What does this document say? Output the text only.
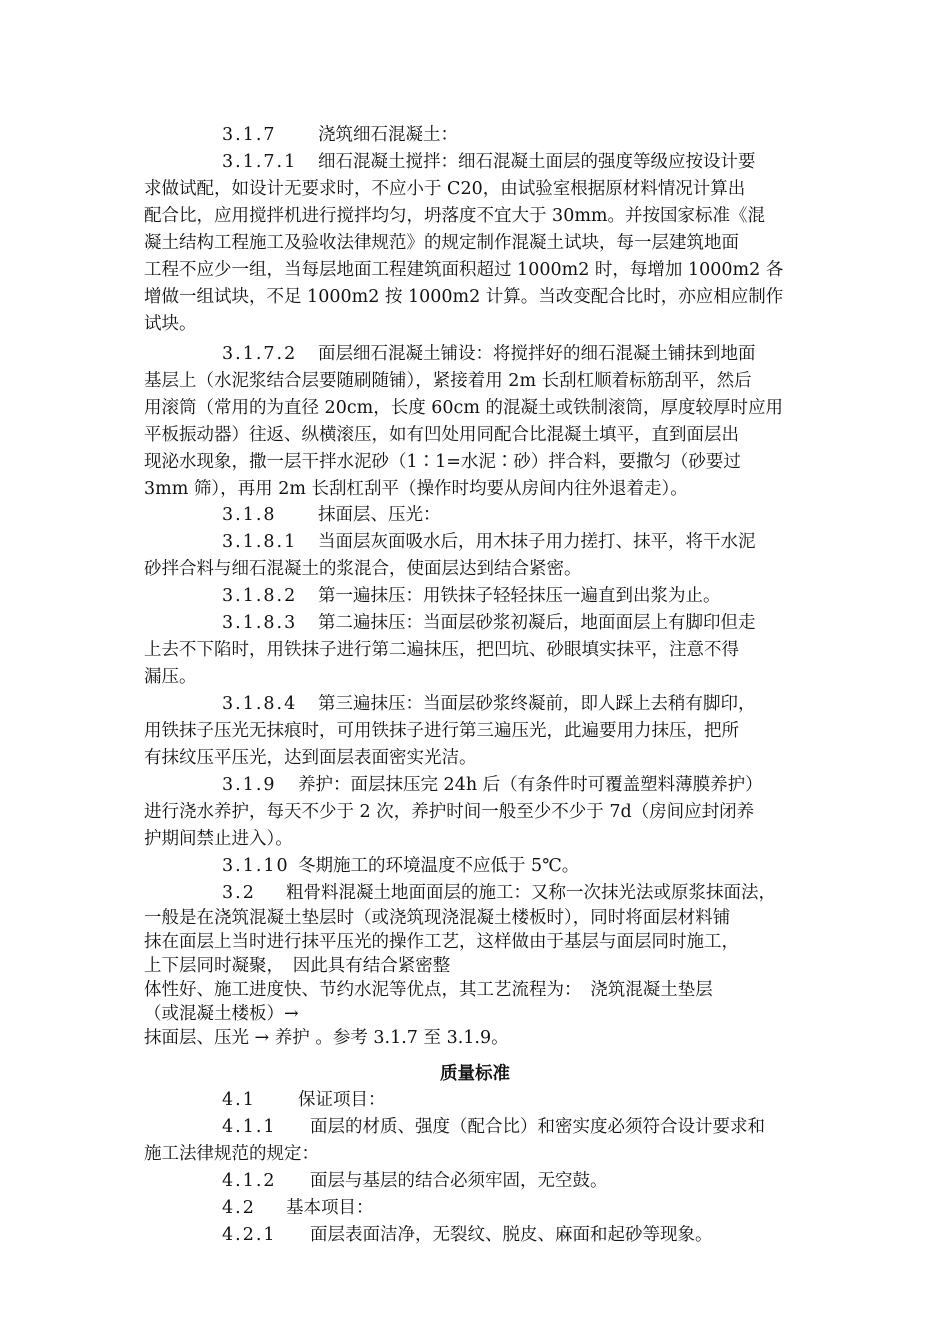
3.1.7 浇筑细石混凝土：
3.1.7.1 细石混凝土搅拌：细石混凝土面层的强度等级应按设计要
求做试配，如设计无要求时，不应小于 C20，由试验室根据原材料情况计算出
配合比，应用搅拌机进行搅拌均匀，坍落度不宜大于 30mm。并按国家标准《混
凝土结构工程施工及验收法律规范》的规定制作混凝土试块，每一层建筑地面
工程不应少一组，当每层地面工程建筑面积超过 1000m2 时，每增加 1000m2 各
增做一组试块，不足 1000m2 按 1000m2 计算。当改变配合比时，亦应相应制作
试块。
3.1.7.2 面层细石混凝土铺设：将搅拌好的细石混凝土铺抹到地面
基层上（水泥浆结合层要随刷随铺），紧接着用 2m 长刮杠顺着标筋刮平，然后
用滚筒（常用的为直径 20cm，长度 60cm 的混凝土或铁制滚筒，厚度较厚时应用
平板振动器）往返、纵横滚压，如有凹处用同配合比混凝土填平，直到面层出
现泌水现象，撒一层干拌水泥砂（1∶1=水泥∶砂）拌合料，要撒匀（砂要过
3mm 筛），再用 2m 长刮杠刮平（操作时均要从房间内往外退着走）。
3.1.8 抹面层、压光：
3.1.8.1 当面层灰面吸水后，用木抹子用力搓打、抹平，将干水泥
砂拌合料与细石混凝土的浆混合，使面层达到结合紧密。
3.1.8.2 第一遍抹压：用铁抹子轻轻抹压一遍直到出浆为止。
3.1.8.3 第二遍抹压：当面层砂浆初凝后，地面面层上有脚印但走
上去不下陷时，用铁抹子进行第二遍抹压，把凹坑、砂眼填实抹平，注意不得
漏压。
3.1.8.4 第三遍抹压：当面层砂浆终凝前，即人踩上去稍有脚印，
用铁抹子压光无抹痕时，可用铁抹子进行第三遍压光，此遍要用力抹压，把所
有抹纹压平压光，达到面层表面密实光洁。
3.1.9 养护：面层抹压完 24h 后（有条件时可覆盖塑料薄膜养护）
进行浇水养护，每天不少于 2 次，养护时间一般至少不少于 7d（房间应封闭养
护期间禁止进入）。
3.1.10 冬期施工的环境温度不应低于 5℃。
3.2 粗骨料混凝土地面面层的施工：又称一次抹光法或原浆抹面法，
一般是在浇筑混凝土垫层时（或浇筑现浇混凝土楼板时），同时将面层材料铺
抹在面层上当时进行抹平压光的操作工艺，这样做由于基层与面层同时施工，
上下层同时凝聚，　因此具有结合紧密整
质量标准
4.1 保证项目：
4.1.1 面层的材质、强度（配合比）和密实度必须符合设计要求和
施工法律规范的规定：
4.1.2 面层与基层的结合必须牢固，无空鼓。
4.2 基本项目：
4.2.1 面层表面洁净，无裂纹、脱皮、麻面和起砂等现象。
体性好、施工进度快、节约水泥等优点，其工艺流程为：　浇筑混凝土垫层
（或混凝土楼板）→
抹面层、压光 → 养护 。参考 3.1.7 至 3.1.9。
